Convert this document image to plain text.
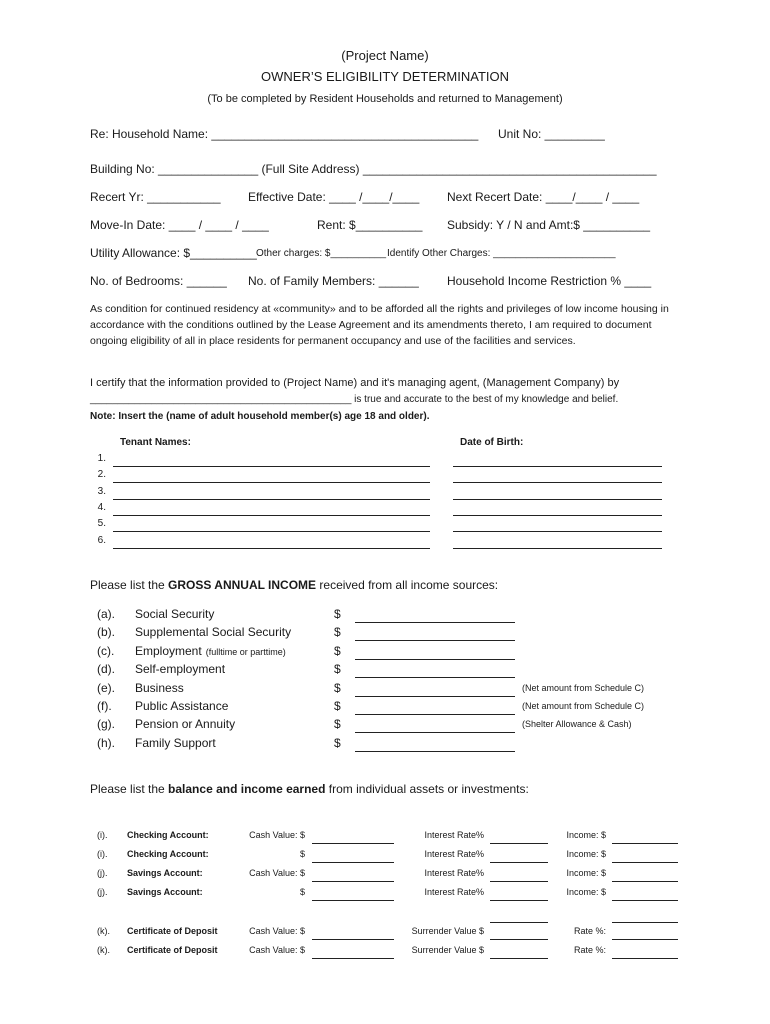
(Project Name)
OWNER’S ELIGIBILITY DETERMINATION
(To be completed by Resident Households and returned to Management)
Re: Household Name: ________________________________________ Unit No: _________
Building No: _______________ (Full Site Address) ____________________________________________
Recert Yr: ___________ Effective Date: ____ /____/____ Next Recert Date: ____/____ / ____
Move-In Date: ____ / ____ / ____	Rent: $__________ Subsidy: Y / N and Amt:$ __________
Utility Allowance: $__________ Other charges: $__________ Identify Other Charges: ______________________
No. of Bedrooms: ______ No. of Family Members: ______ Household Income Restriction % ____
As condition for continued residency at «community» and to be afforded all the rights and privileges of low income housing in accordance with the conditions outlined by the Lease Agreement and its amendments thereto, I am required to document ongoing eligibility of all in place residents for permanent occupancy and use of the facilities and services.
I certify that the information provided to (Project Name) and it's managing agent, (Management Company) by
_______________________________________________ is true and accurate to the best of my knowledge and belief.
Note: Insert the (name of adult household member(s) age 18 and older).
Tenant Names:	Date of Birth:
1.
2.
3.
4.
5.
6.
Please list the GROSS ANNUAL INCOME received from all income sources:
(a). Social Security	$
(b). Supplemental Social Security	$
(c). Employment (fulltime or parttime)	$
(d). Self-employment	$
(e). Business	$	(Net amount from Schedule C)
(f). Public Assistance	$	(Net amount from Schedule C)
(g). Pension or Annuity	$	(Shelter Allowance & Cash)
(h). Family Support	$
Please list the balance and income earned from individual assets or investments:
(i). Checking Account:	Cash Value: $	Interest Rate%	Income: $
(i). Checking Account:	$	Interest Rate%	Income: $
(j). Savings Account:	Cash Value: $	Interest Rate%	Income: $
(j). Savings Account:	$	Interest Rate%	Income: $
(k). Certificate of Deposit	Cash Value: $	Surrender Value $	Rate %:
(k). Certificate of Deposit	Cash Value: $	Surrender Value $	Rate %:
